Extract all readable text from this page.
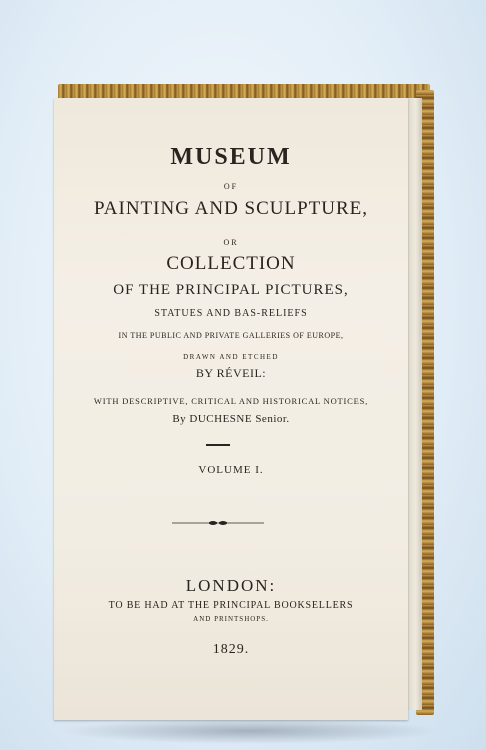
MUSEUM
OF
PAINTING AND SCULPTURE,
OR
COLLECTION
OF THE PRINCIPAL PICTURES,
STATUES AND BAS-RELIEFS
IN THE PUBLIC AND PRIVATE GALLERIES OF EUROPE,
DRAWN AND ETCHED
BY RÉVEIL:
WITH DESCRIPTIVE, CRITICAL AND HISTORICAL NOTICES,
By DUCHESNE Senior.
VOLUME I.
LONDON:
TO BE HAD AT THE PRINCIPAL BOOKSELLERS
AND PRINTSHOPS.
1829.
